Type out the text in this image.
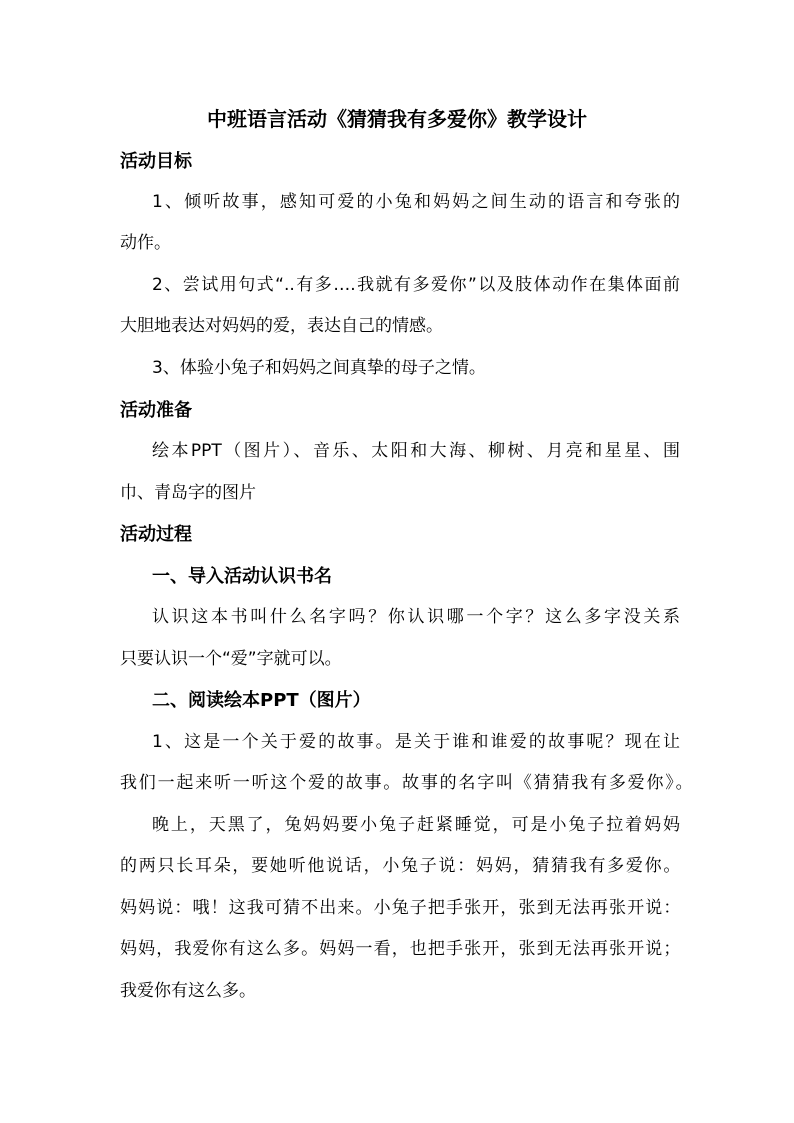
中班语言活动《猜猜我有多爱你》教学设计
活动目标
1、倾听故事，感知可爱的小兔和妈妈之间生动的语言和夸张的
动作。
2、尝试用句式“..有多….我就有多爱你”以及肢体动作在集体面前
大胆地表达对妈妈的爱，表达自己的情感。
3、体验小兔子和妈妈之间真挚的母子之情。
活动准备
绘本PPT（图片）、音乐、太阳和大海、柳树、月亮和星星、围
巾、青岛字的图片
活动过程
一、导入活动认识书名
认识这本书叫什么名字吗？你认识哪一个字？这么多字没关系
只要认识一个“爱”字就可以。
二、阅读绘本PPT（图片）
1、这是一个关于爱的故事。是关于谁和谁爱的故事呢？现在让
我们一起来听一听这个爱的故事。故事的名字叫《猜猜我有多爱你》。
晚上，天黑了，兔妈妈要小兔子赶紧睡觉，可是小兔子拉着妈妈
的两只长耳朵，要她听他说话，小兔子说：妈妈，猜猜我有多爱你。
妈妈说：哦！这我可猜不出来。小兔子把手张开，张到无法再张开说：
妈妈，我爱你有这么多。妈妈一看，也把手张开，张到无法再张开说；
我爱你有这么多。
